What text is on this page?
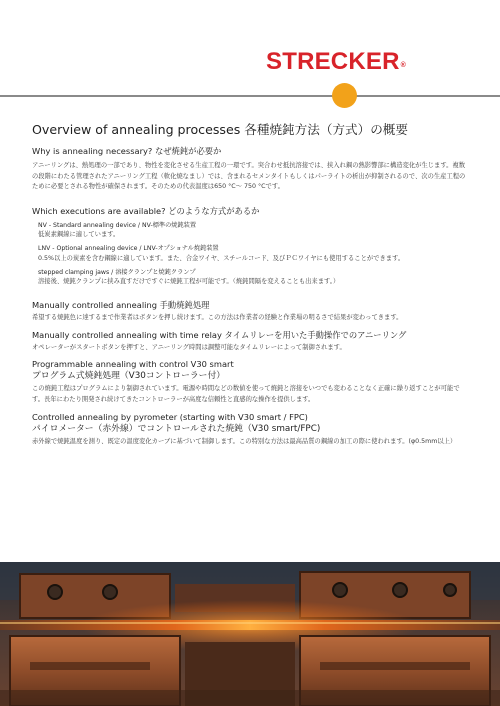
STRECKER®
Overview of annealing processes 各種焼鈍方法（方式）の概要
Why is annealing necessary? なぜ焼鈍が必要か

アニーリングは、熱処理の一部であり、物性を変化させる生産工程の一環です。突合わせ抵抗溶接では、挟入れ鋼の熱影響部に構造変化が生じます。複数の段階にわたる管理されたアニーリング工程（軟化焼なまし）では、含まれるセメンタイトもしくはパーライトの析出が抑制されるので、次の生産工程のために必要とされる物性が確保されます。そのための代表温度は650 °C～ 750 °Cです。

Which executions are available? どのような方式があるか
NV - Standard annealing device / NV-標準の焼鈍装置

低炭素鋼線に適しています。

LNV - Optional annealing device / LNV-オプショナル焼鈍装置

0.5%以上の炭素を含む鋼線に適しています。また、合金ワイヤ、スチールコード、及びＰＣワイヤにも使用することができます。

stepped clamping jaws / 溶接クランプと焼鈍クランプ

溶接後、焼鈍クランプに挟み直すだけですぐに焼鈍工程が可能です。（焼鈍間隔を変えることも出来ます。）

Manually controlled annealing 手動焼鈍処理

希望する焼鈍色に達するまで作業者はボタンを押し続けます。この方法は作業者の経験と作業場の明るさで結果が変わってきます。

Manually controlled annealing with time relay タイムリレーを用いた手動操作でのアニーリング

オペレーターがスタートボタンを押すと、アニーリング時間は調整可能なタイムリレーによって制御されます。

Programmable annealing with control V30 smart
プログラム式焼鈍処理（V30コントローラー付）

この焼鈍工程はプログラムにより制御されています。電源や時間などの数値を使って焼鈍と溶接をいつでも変わることなく正確に繰り返すことが可能です。長年にわたり開発され続けてきたコントローラーが高度な信頼性と直感的な操作を提供します。

Controlled annealing by pyrometer (starting with V30 smart / FPC)
パイロメーター（赤外線）でコントロールされた焼鈍（V30 smart/FPC)

赤外線で焼鈍温度を測り、既定の温度変化カーブに基づいて制御します。この特別な方法は最高品質の鋼線の加工の際に使われます。(φ0.5mm以上）
